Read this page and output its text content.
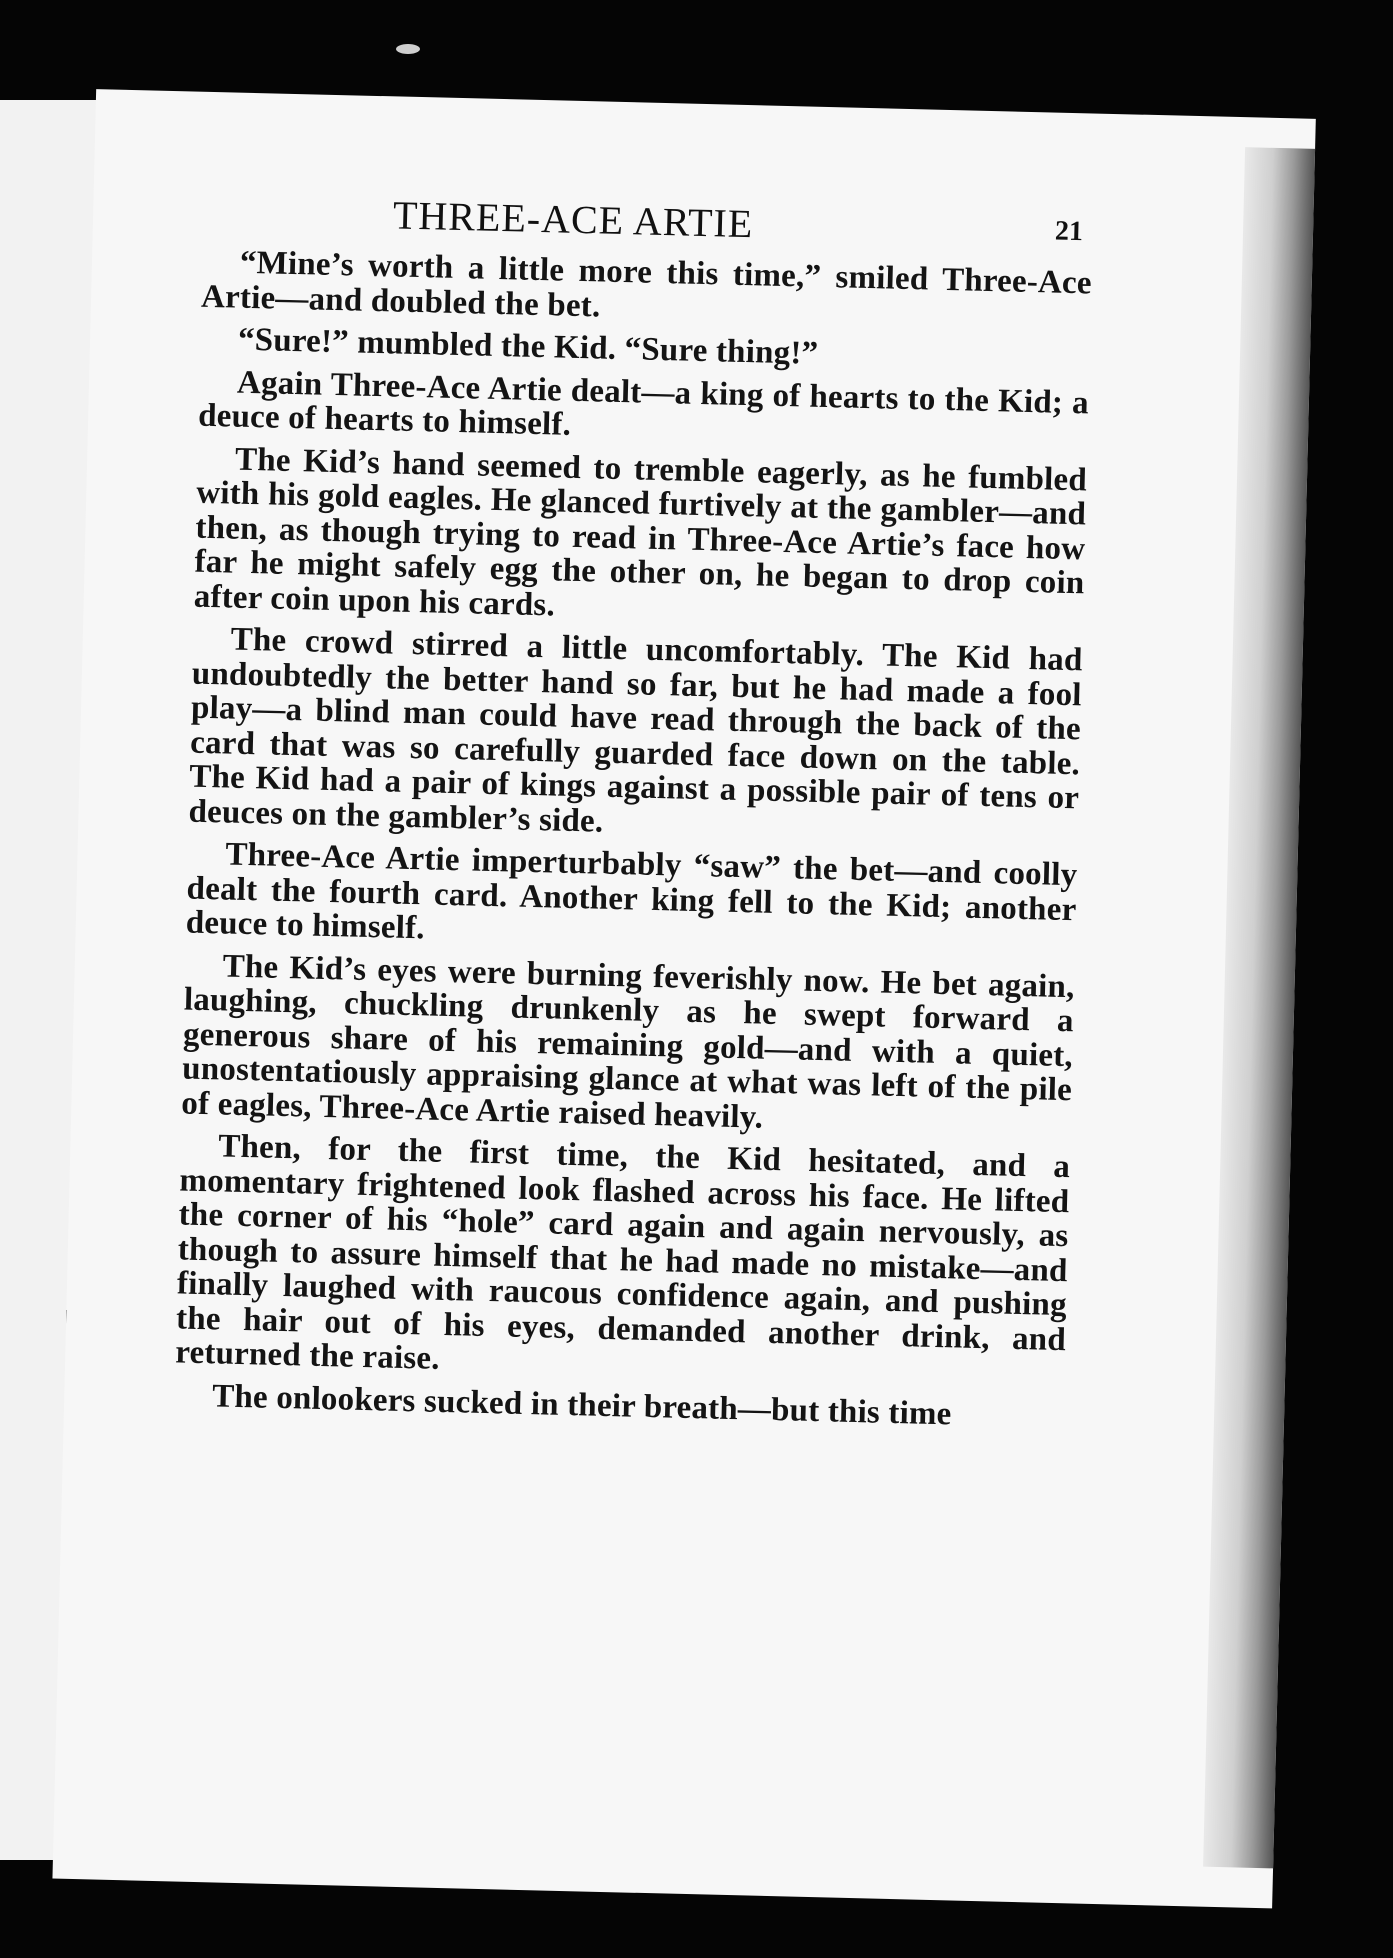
THREE-ACE ARTIE	21

“Mine’s worth a little more this time,” smiled Three-Ace Artie—and doubled the bet.

“Sure!” mumbled the Kid. “Sure thing!”

Again Three-Ace Artie dealt—a king of hearts to the Kid; a deuce of hearts to himself.

The Kid’s hand seemed to tremble eagerly, as he fumbled with his gold eagles. He glanced furtively at the gambler—and then, as though trying to read in Three-Ace Artie’s face how far he might safely egg the other on, he began to drop coin after coin upon his cards.

The crowd stirred a little uncomfortably. The Kid had undoubtedly the better hand so far, but he had made a fool play—a blind man could have read through the back of the card that was so carefully guarded face down on the table. The Kid had a pair of kings against a possible pair of tens or deuces on the gambler’s side.

Three-Ace Artie imperturbably “saw” the bet—and coolly dealt the fourth card. Another king fell to the Kid; another deuce to himself.

The Kid’s eyes were burning feverishly now. He bet again, laughing, chuckling drunkenly as he swept forward a generous share of his remaining gold—and with a quiet, unostentatiously appraising glance at what was left of the pile of eagles, Three-Ace Artie raised heavily.

Then, for the first time, the Kid hesitated, and a momentary frightened look flashed across his face. He lifted the corner of his “hole” card again and again nervously, as though to assure himself that he had made no mistake—and finally laughed with raucous confidence again, and pushing the hair out of his eyes, demanded another drink, and returned the raise.

The onlookers sucked in their breath—but this time
